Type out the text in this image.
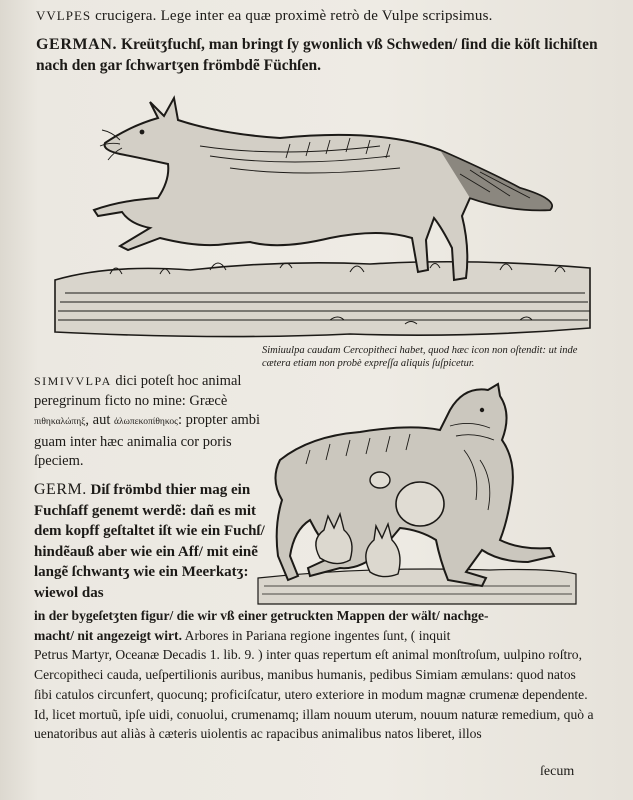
VVLPES crucigera. Lege inter ea quæ proximè retrò de Vulpe scripsimus.
GERMAN. Kreütʒfuchſ, man bringt ſy gwonlich vß Schweden/ ſind die köſt lichiſten nach den gar ſchwartʒen frömbdẽ Füchſen.
Simiuulpa caudam Cercopitheci habet, quod hæc icon non oſtendit: ut inde cætera etiam non probè expreſſa aliquis ſuſpicetur.

SIMIVVLPA dici poteſt hoc animal peregrinum ficto no mine: Græcè πιθηκαλώπηξ, aut ἀλωπεκοπίθηκος: propter ambi guam inter hæc animalia cor poris ſpeciem.

GERM. Diſ frömbd thier mag ein Fuchſaff genemt werdẽ: dañ es mit dem kopff geſtaltet iſt wie ein Fuchſ/ hindẽauß aber wie ein Aff/ mit einẽ langẽ ſchwantʒ wie ein Meerkatʒ: wiewol das

in der bygeſetʒten figur/ die wir vß einer getruckten Mappen der wält/ nachge-

macht/ nit angezeigt wirt. Arbores in Pariana regione ingentes ſunt, ( inquit

Petrus Martyr, Oceanæ Decadis 1. lib. 9. ) inter quas repertum eſt animal monſtroſum, uulpino roſtro, Cercopitheci cauda, ueſpertilionis auribus, manibus humanis, pedibus Simiam æmulans: quod natos ſibi catulos circunfert, quocunq; proficiſcatur, utero exteriore in modum magnæ crumenæ dependente. Id, licet mortuũ, ipſe uidi, conuolui, crumenamq; illam nouum uterum, nouum naturæ remedium, quò a uenatoribus aut aliàs à cæteris uiolentis ac rapacibus animalibus natos liberet, illos

ſecum
